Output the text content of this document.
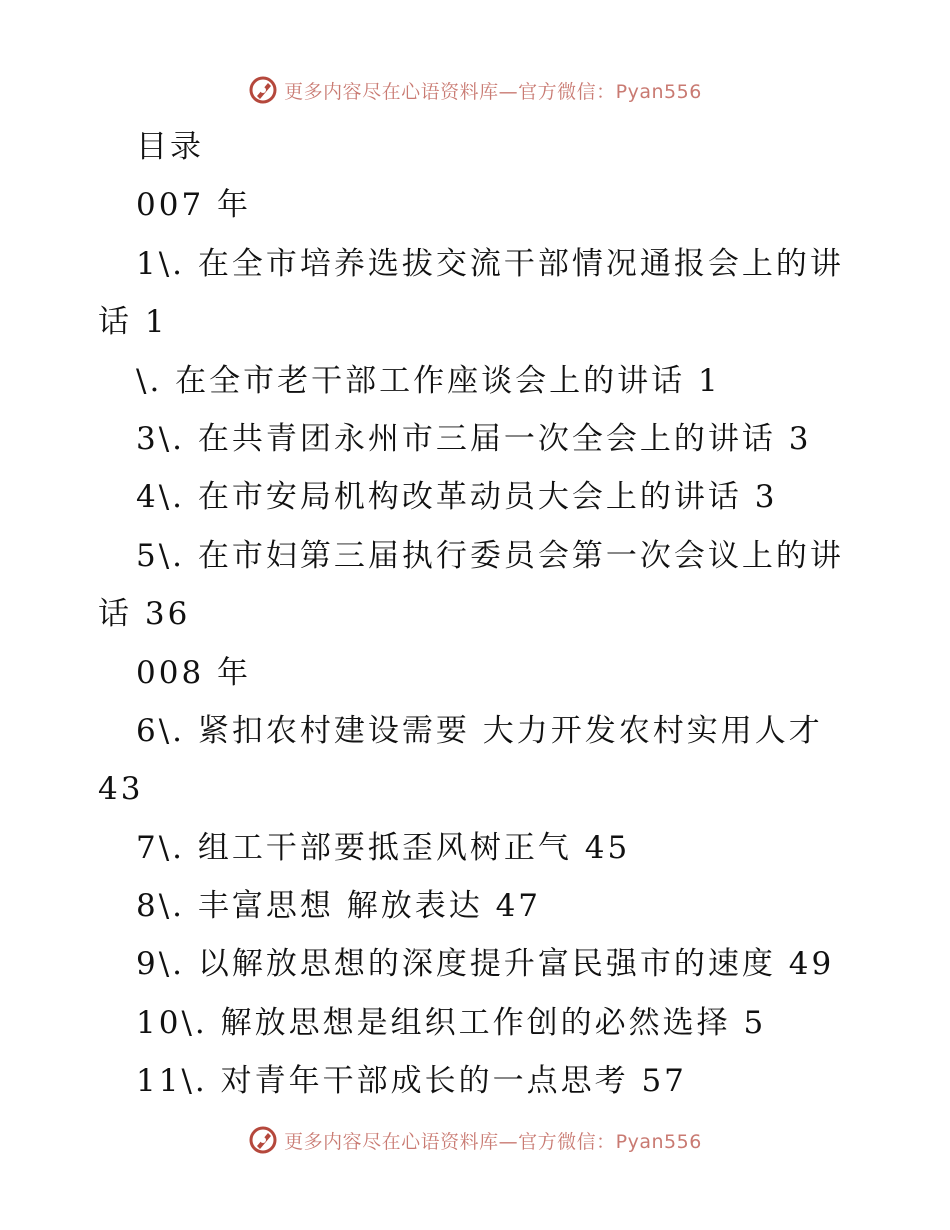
更多内容尽在心语资料库—官方微信：Pyan556
目录
007 年
1\. 在全市培养选拔交流干部情况通报会上的讲
话 1
\. 在全市老干部工作座谈会上的讲话 1
3\. 在共青团永州市三届一次全会上的讲话 3
4\. 在市安局机构改革动员大会上的讲话 3
5\. 在市妇第三届执行委员会第一次会议上的讲
话 36
008 年
6\. 紧扣农村建设需要 大力开发农村实用人才
43
7\. 组工干部要抵歪风树正气 45
8\. 丰富思想 解放表达 47
9\. 以解放思想的深度提升富民强市的速度 49
10\. 解放思想是组织工作创的必然选择 5
11\. 对青年干部成长的一点思考 57
更多内容尽在心语资料库—官方微信：Pyan556
